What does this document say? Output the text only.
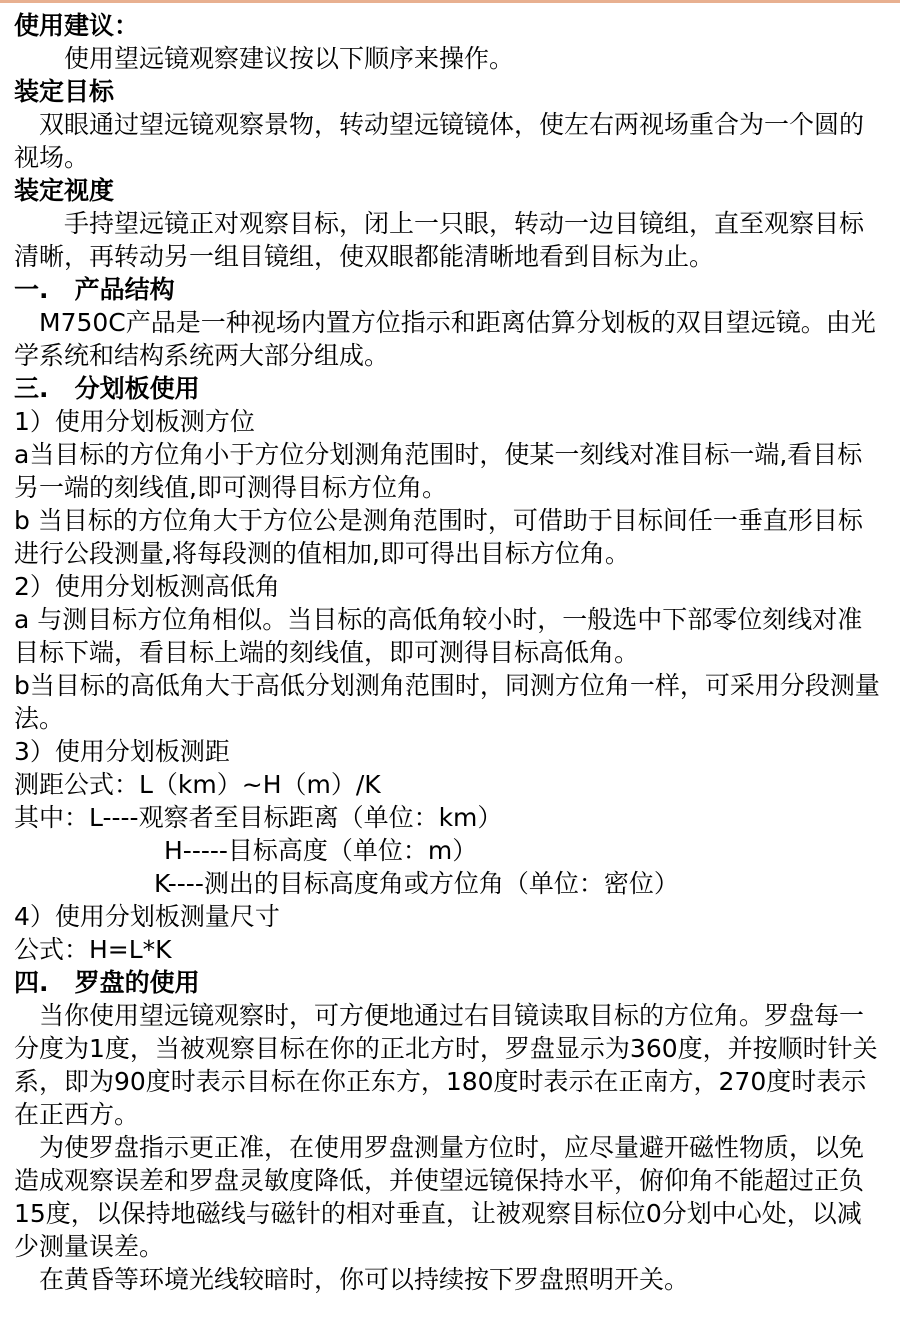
使用建议：

使用望远镜观察建议按以下顺序来操作。

装定目标

双眼通过望远镜观察景物，转动望远镜镜体，使左右两视场重合为一个圆的视场。

装定视度

手持望远镜正对观察目标，闭上一只眼，转动一边目镜组，直至观察目标清晰，再转动另一组目镜组，使双眼都能清晰地看到目标为止。

一.   产品结构

M750C产品是一种视场内置方位指示和距离估算分划板的双目望远镜。由光学系统和结构系统两大部分组成。

三.   分划板使用

1）使用分划板测方位

a当目标的方位角小于方位分划测角范围时，使某一刻线对准目标一端,看目标另一端的刻线值,即可测得目标方位角。

b 当目标的方位角大于方位公是测角范围时，可借助于目标间任一垂直形目标进行公段测量,将每段测的值相加,即可得出目标方位角。

2）使用分划板测高低角

a 与测目标方位角相似。当目标的高低角较小时，一般选中下部零位刻线对准目标下端，看目标上端的刻线值，即可测得目标高低角。

b当目标的高低角大于高低分划测角范围时，同测方位角一样，可采用分段测量法。

3）使用分划板测距

测距公式：L（km）~H（m）/K

其中：L----观察者至目标距离（单位：km）

H-----目标高度（单位：m）

K----测出的目标高度角或方位角（单位：密位）

4）使用分划板测量尺寸

公式：H=L*K

四.   罗盘的使用

当你使用望远镜观察时，可方便地通过右目镜读取目标的方位角。罗盘每一分度为1度，当被观察目标在你的正北方时，罗盘显示为360度，并按顺时针关系，即为90度时表示目标在你正东方，180度时表示在正南方，270度时表示在正西方。

为使罗盘指示更正准，在使用罗盘测量方位时，应尽量避开磁性物质，以免造成观察误差和罗盘灵敏度降低，并使望远镜保持水平，俯仰角不能超过正负15度，以保持地磁线与磁针的相对垂直，让被观察目标位0分划中心处，以减少测量误差。

在黄昏等环境光线较暗时，你可以持续按下罗盘照明开关。
